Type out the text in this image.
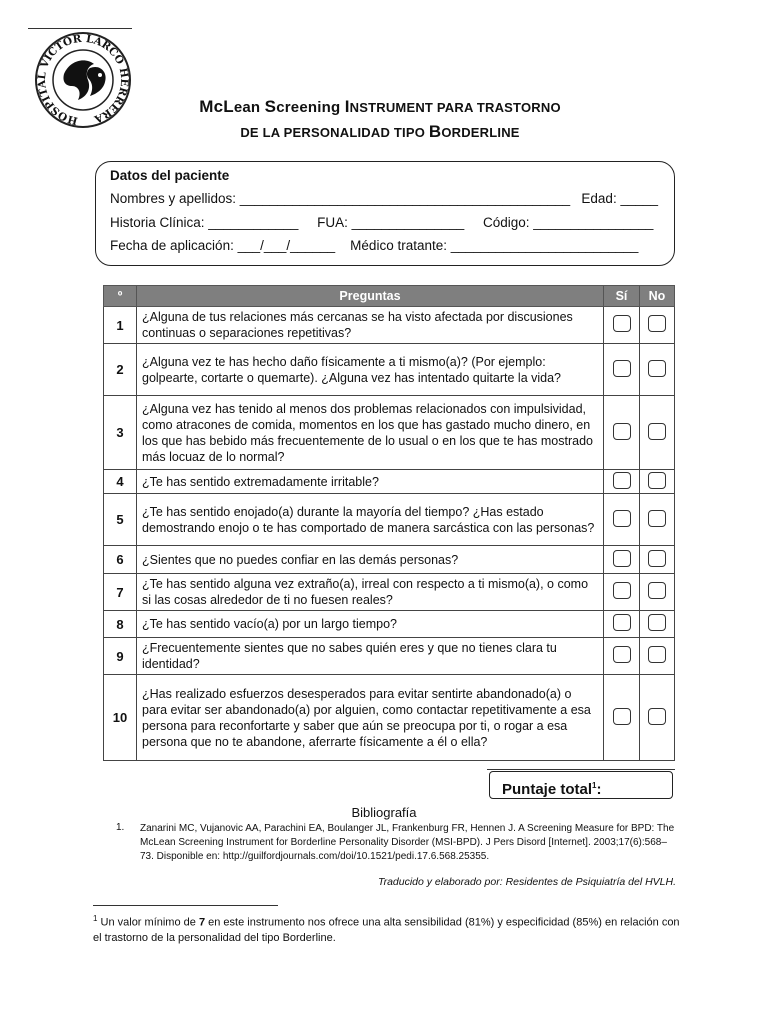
HOSPITAL VICTOR LARCO HERRERA
McLean Screening INSTRUMENT PARA TRASTORNO
DE LA PERSONALIDAD TIPO BORDERLINE
Datos del paciente
Nombres y apellidos: ____________________________________________   Edad: _____
Historia Clínica: ____________     FUA: _______________     Código: ________________
Fecha de aplicación: ___/___/______    Médico tratante: _________________________
º	Preguntas	Sí	No
1	¿Alguna de tus relaciones más cercanas se ha visto afectada por discusiones continuas o separaciones repetitivas?		
2	¿Alguna vez te has hecho daño físicamente a ti mismo(a)? (Por ejemplo: golpearte, cortarte o quemarte). ¿Alguna vez has intentado quitarte la vida?		
3	¿Alguna vez has tenido al menos dos problemas relacionados con impulsividad, como atracones de comida, momentos en los que has gastado mucho dinero, en los que has bebido más frecuentemente de lo usual o en los que te has mostrado más locuaz de lo normal?		
4	¿Te has sentido extremadamente irritable?		
5	¿Te has sentido enojado(a) durante la mayoría del tiempo? ¿Has estado demostrando enojo o te has comportado de manera sarcástica con las personas?		
6	¿Sientes que no puedes confiar en las demás personas?		
7	¿Te has sentido alguna vez extraño(a), irreal con respecto a ti mismo(a), o como si las cosas alrededor de ti no fuesen reales?		
8	¿Te has sentido vacío(a) por un largo tiempo?		
9	¿Frecuentemente sientes que no sabes quién eres y que no tienes clara tu identidad?		
10	¿Has realizado esfuerzos desesperados para evitar sentirte abandonado(a) o para evitar ser abandonado(a) por alguien, como contactar repetitivamente a esa persona para reconfortarte y saber que aún se preocupa por ti, o rogar a esa persona que no te abandone, aferrarte físicamente a él o ella?		
Puntaje total$^1$:
Bibliografía
1. Zanarini MC, Vujanovic AA, Parachini EA, Boulanger JL, Frankenburg FR, Hennen J. A Screening Measure for BPD: The McLean Screening Instrument for Borderline Personality Disorder (MSI-BPD). J Pers Disord [Internet]. 2003;17(6):568–73. Disponible en: http://guilfordjournals.com/doi/10.1521/pedi.17.6.568.25355.
Traducido y elaborado por: Residentes de Psiquiatría del HVLH.
$^1$ Un valor mínimo de 7 en este instrumento nos ofrece una alta sensibilidad (81%) y especificidad (85%) en relación con el trastorno de la personalidad del tipo Borderline.
